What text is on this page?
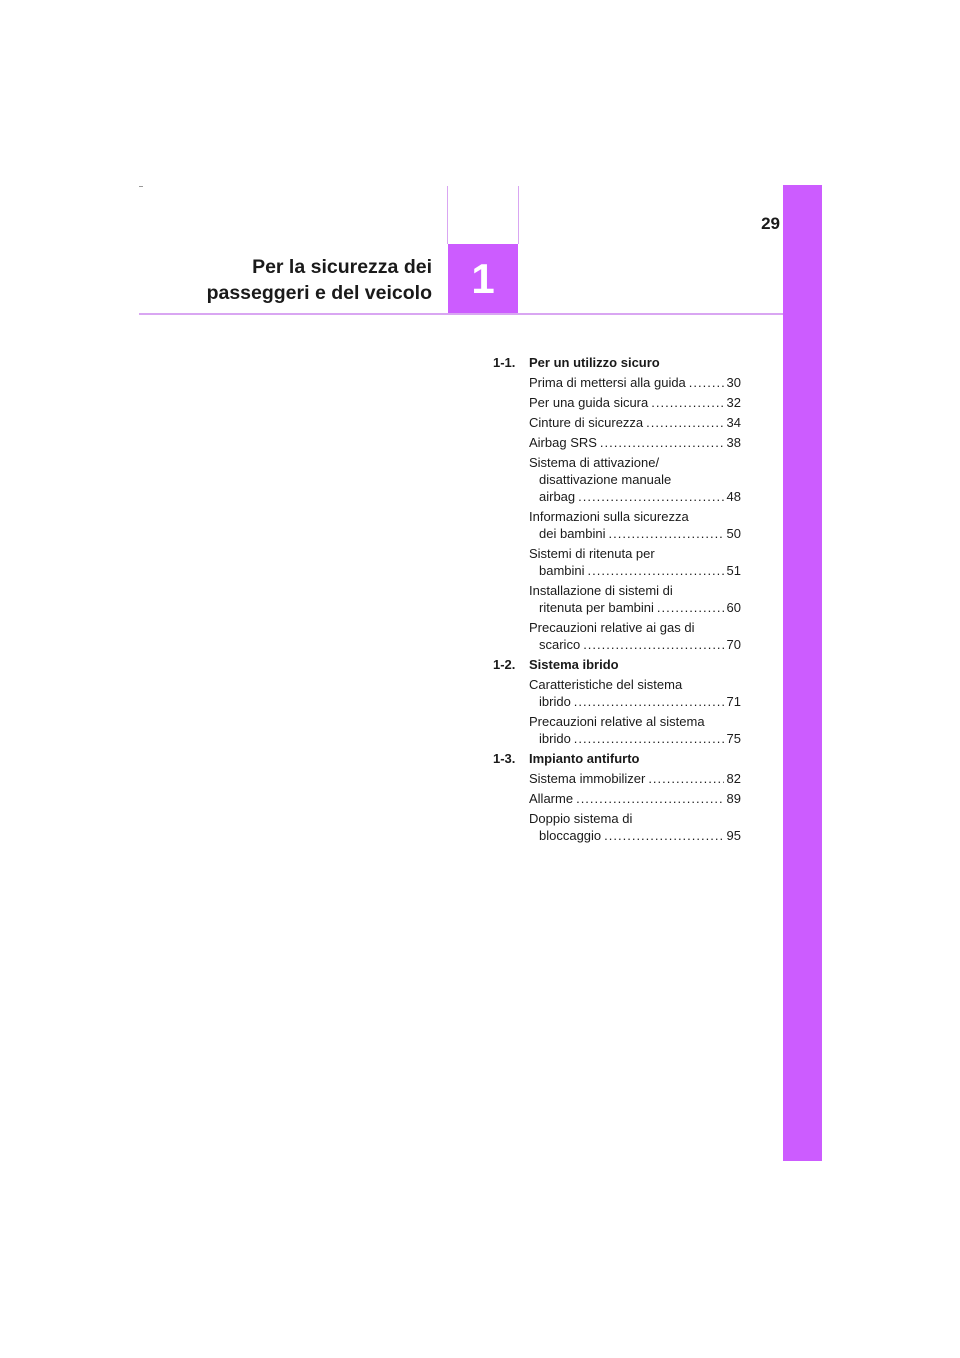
29
Per la sicurezza dei
passeggeri e del veicolo 1
1-1.	Per un utilizzo sicuro
Prima di mettersi alla guida .....	30
Per una guida sicura .....	32
Cinture di sicurezza .....	34
Airbag SRS .....	38
Sistema di attivazione/
disattivazione manuale
airbag .....	48
Informazioni sulla sicurezza
dei bambini .....	50
Sistemi di ritenuta per
bambini .....	51
Installazione di sistemi di
ritenuta per bambini .....	60
Precauzioni relative ai gas di
scarico .....	70
1-2.	Sistema ibrido
Caratteristiche del sistema
ibrido .....	71
Precauzioni relative al sistema
ibrido .....	75
1-3.	Impianto antifurto
Sistema immobilizer .....	82
Allarme .....	89
Doppio sistema di
bloccaggio .....	95
